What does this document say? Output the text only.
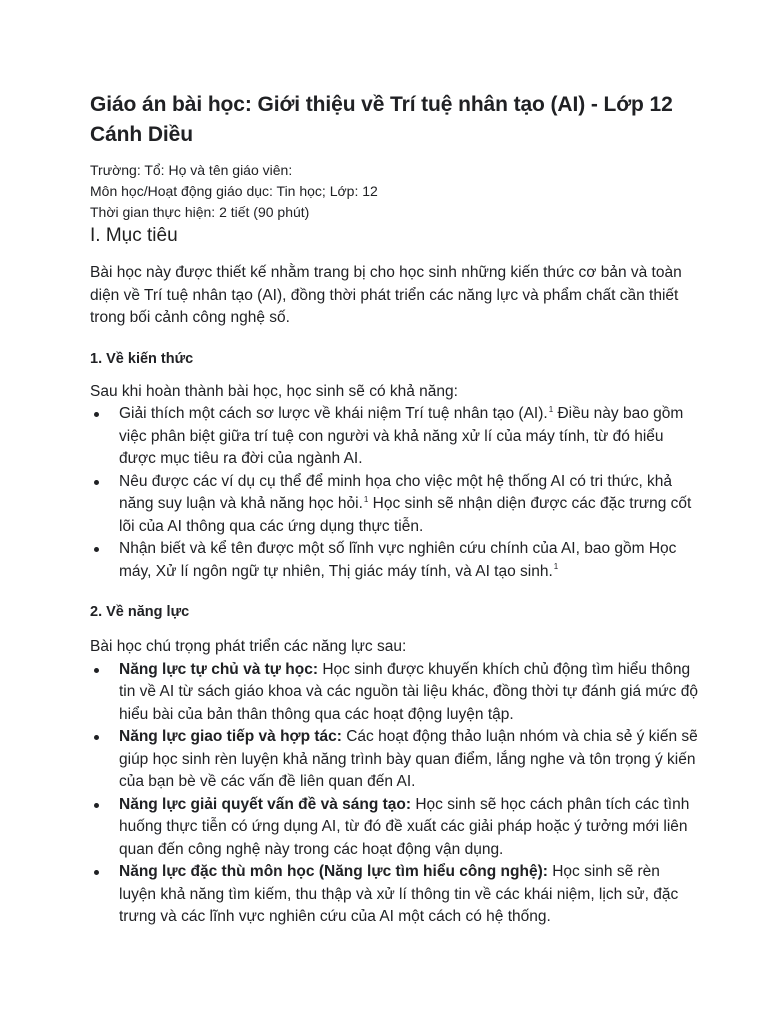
Giáo án bài học: Giới thiệu về Trí tuệ nhân tạo (AI) - Lớp 12 Cánh Diều
Trường: Tổ: Họ và tên giáo viên:
Môn học/Hoạt động giáo dục: Tin học; Lớp: 12
Thời gian thực hiện: 2 tiết (90 phút)
I. Mục tiêu

Bài học này được thiết kế nhằm trang bị cho học sinh những kiến thức cơ bản và toàn diện về Trí tuệ nhân tạo (AI), đồng thời phát triển các năng lực và phẩm chất cần thiết trong bối cảnh công nghệ số.

1. Về kiến thức

Sau khi hoàn thành bài học, học sinh sẽ có khả năng:

Giải thích một cách sơ lược về khái niệm Trí tuệ nhân tạo (AI).$^1$ Điều này bao gồm việc phân biệt giữa trí tuệ con người và khả năng xử lí của máy tính, từ đó hiểu được mục tiêu ra đời của ngành AI.
Nêu được các ví dụ cụ thể để minh họa cho việc một hệ thống AI có tri thức, khả năng suy luận và khả năng học hỏi.$^1$ Học sinh sẽ nhận diện được các đặc trưng cốt lõi của AI thông qua các ứng dụng thực tiễn.
Nhận biết và kể tên được một số lĩnh vực nghiên cứu chính của AI, bao gồm Học máy, Xử lí ngôn ngữ tự nhiên, Thị giác máy tính, và AI tạo sinh.$^1$
2. Về năng lực

Bài học chú trọng phát triển các năng lực sau:

Năng lực tự chủ và tự học: Học sinh được khuyến khích chủ động tìm hiểu thông tin về AI từ sách giáo khoa và các nguồn tài liệu khác, đồng thời tự đánh giá mức độ hiểu bài của bản thân thông qua các hoạt động luyện tập.
Năng lực giao tiếp và hợp tác: Các hoạt động thảo luận nhóm và chia sẻ ý kiến sẽ giúp học sinh rèn luyện khả năng trình bày quan điểm, lắng nghe và tôn trọng ý kiến của bạn bè về các vấn đề liên quan đến AI.
Năng lực giải quyết vấn đề và sáng tạo: Học sinh sẽ học cách phân tích các tình huống thực tiễn có ứng dụng AI, từ đó đề xuất các giải pháp hoặc ý tưởng mới liên quan đến công nghệ này trong các hoạt động vận dụng.
Năng lực đặc thù môn học (Năng lực tìm hiểu công nghệ): Học sinh sẽ rèn luyện khả năng tìm kiếm, thu thập và xử lí thông tin về các khái niệm, lịch sử, đặc trưng và các lĩnh vực nghiên cứu của AI một cách có hệ thống.
